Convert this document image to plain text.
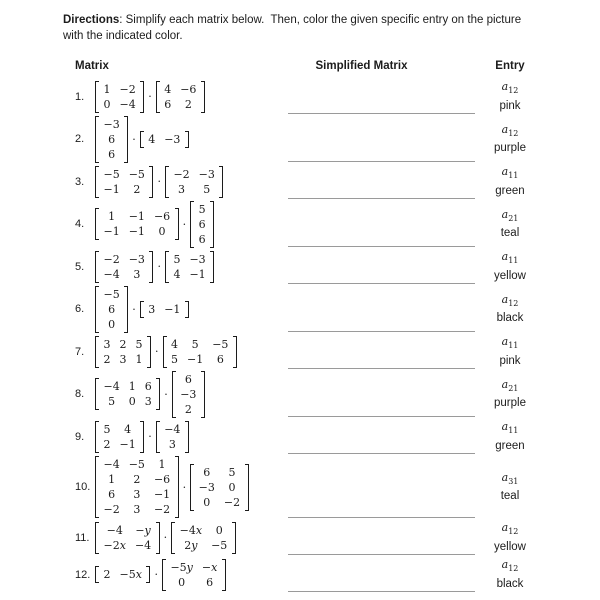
Directions: Simplify each matrix below.  Then, color the given specific entry on the picture with the indicated color.
Matrix	Simplified Matrix	Entry
1.
1 −2
0 −4
·
4 −6
6	2
$a_{12}$
pink
2.
−3
6
6
·	4 −3
$a_{12}$
purple
3.
−5 −5
−1	2
·
−2 −3
3	5
$a_{11}$
green
4.
1	−1 −6
−1 −1	0
·
5
6
6
$a_{21}$
teal
5.
−2 −3
−4	3
·
5 −3
4 −1
$a_{11}$
yellow
6.
−5
6
0
·	3 −1
$a_{12}$
black
7.
3 2 5
2 3 1
·
4	5	−5
5 −1	6
$a_{11}$
pink
8.
−4 1 6
5	0 3
·
6
−3
2
$a_{21}$
purple
9.
5	4
2 −1
·
−4
3
$a_{11}$
green
10.
−4 −5	1
1	2	−6
6	3	−1
−2	3	−2
·
6	5
−3	0
0	−2
$a_{31}$
teal
11.
−4	−y
−2x −4
·
−4x	0
2y	−5
$a_{12}$
yellow
12.	2 −5x	·
−5y −x
0	6
$a_{12}$
black
